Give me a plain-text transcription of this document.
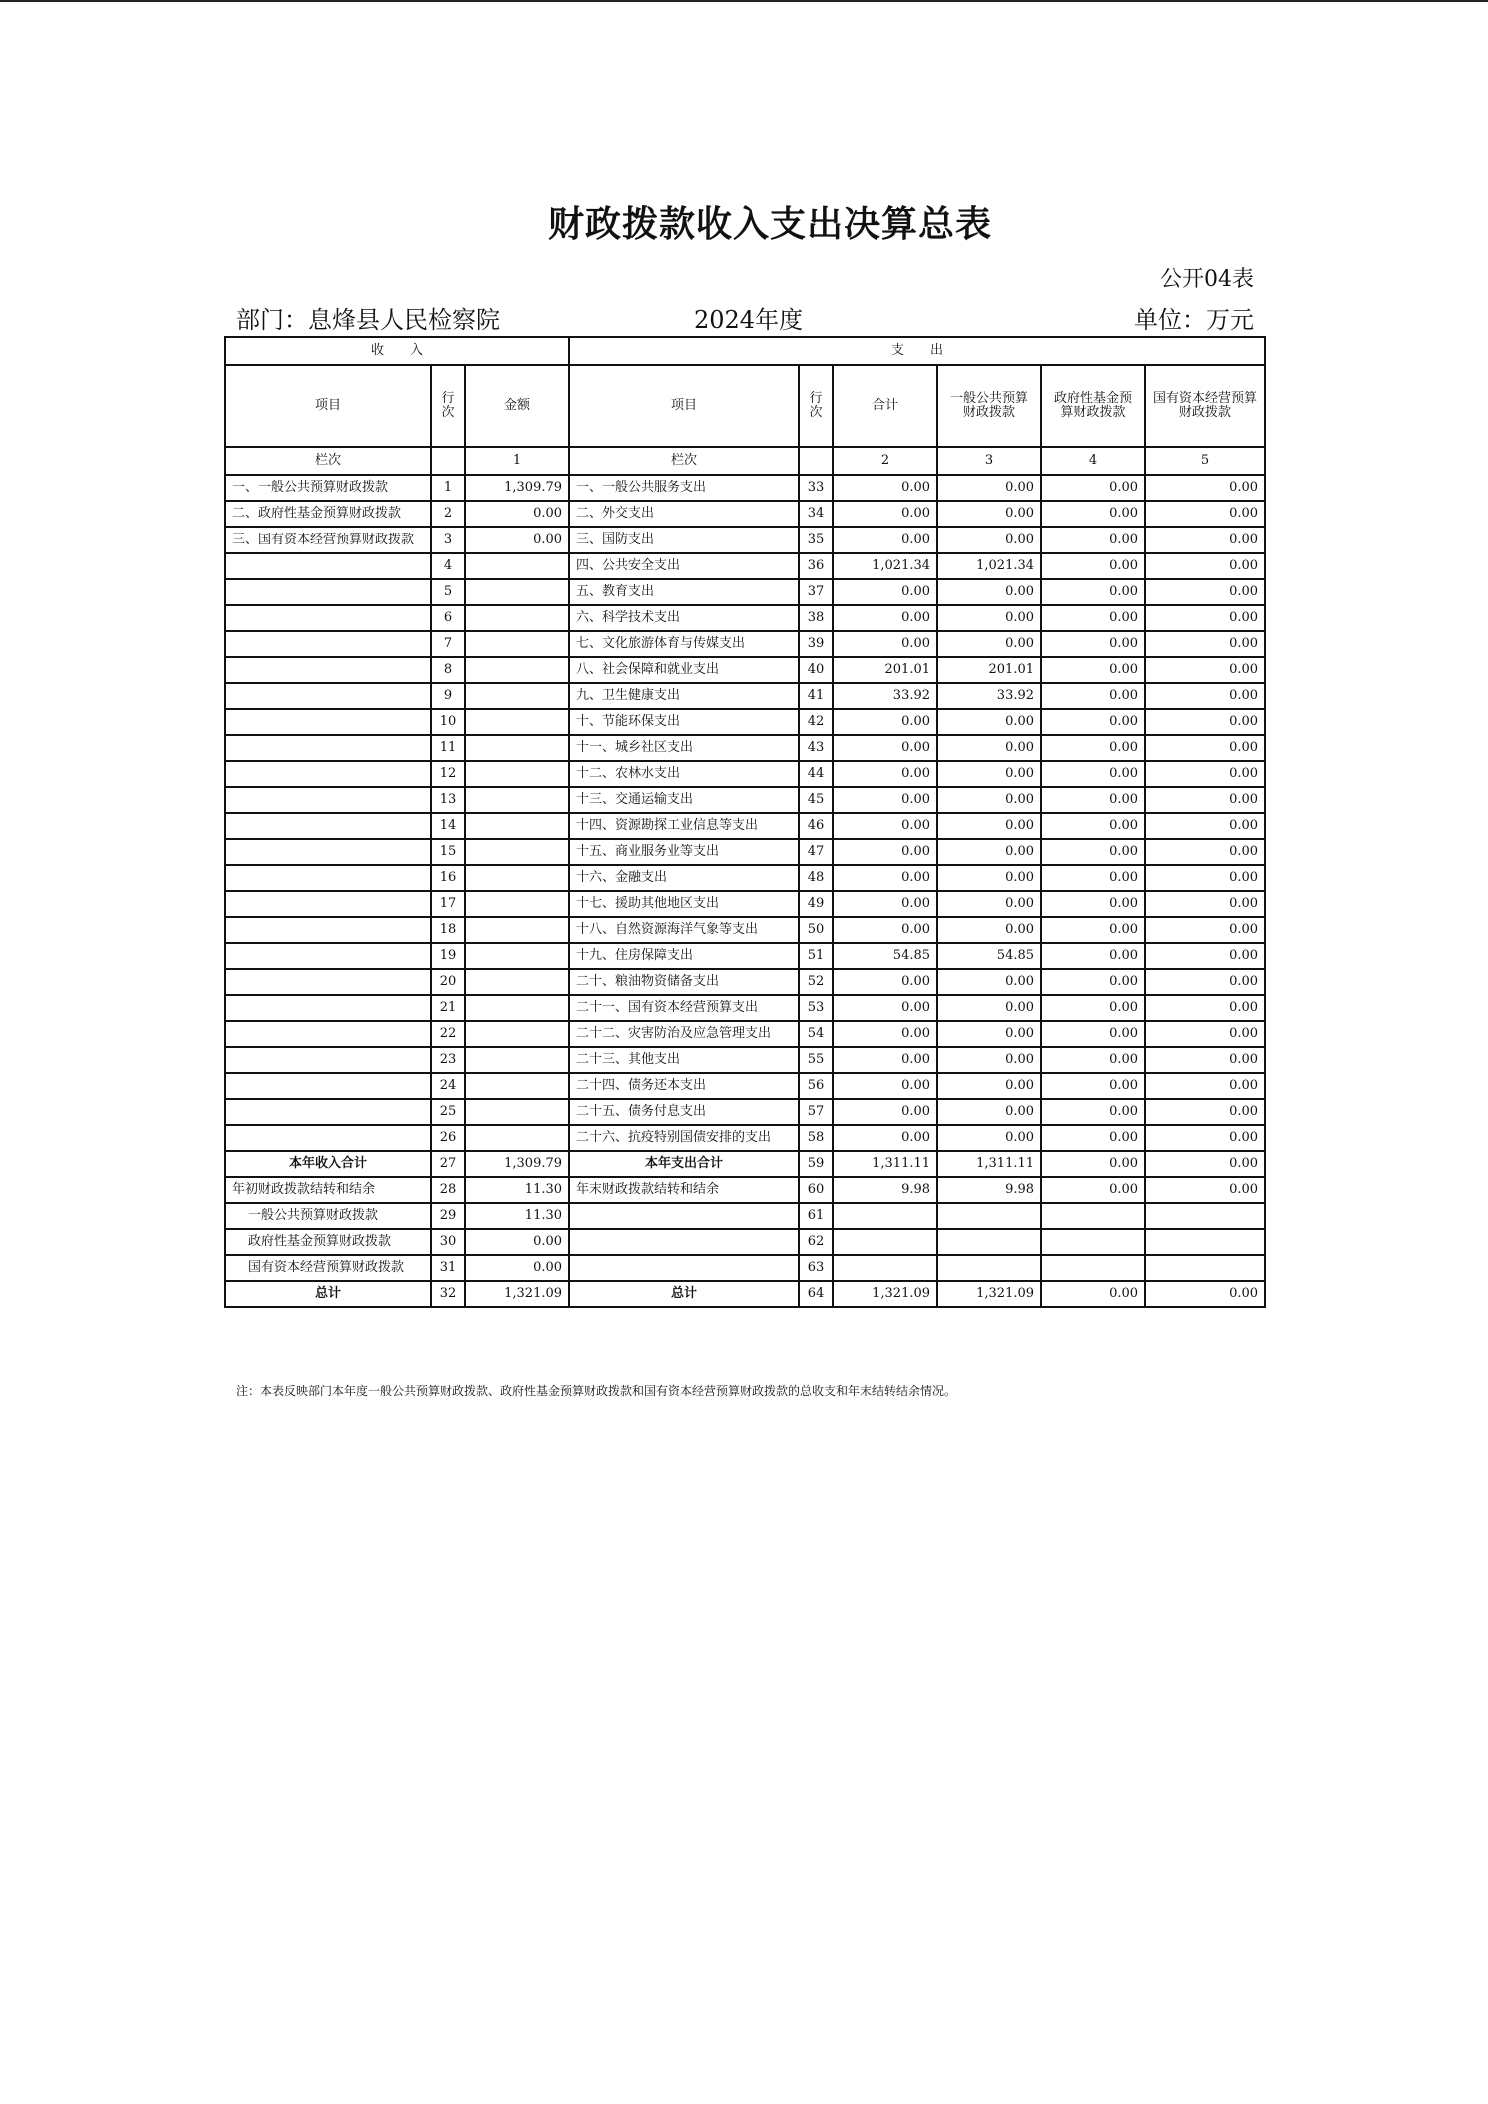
财政拨款收入支出决算总表
公开04表
部门：息烽县人民检察院	2024年度	单位：万元
收　　入			支　　出					
项目	行次	金额	项目	行次	合计	一般公共预算财政拨款	政府性基金预算财政拨款	国有资本经营预算财政拨款
栏次		1	栏次		2	3	4	5
一、一般公共预算财政拨款	1	1,309.79	一、一般公共服务支出	33	0.00	0.00	0.00	0.00
二、政府性基金预算财政拨款	2	0.00	二、外交支出	34	0.00	0.00	0.00	0.00

三、国有资本经营预算财政拨款	3	0.00	三、国防支出	35	0.00	0.00	0.00	0.00
	4		四、公共安全支出	36	1,021.34	1,021.34	0.00	0.00
	5		五、教育支出	37	0.00	0.00	0.00	0.00
	6		六、科学技术支出	38	0.00	0.00	0.00	0.00
	7		七、文化旅游体育与传媒支出	39	0.00	0.00	0.00	0.00
	8		八、社会保障和就业支出	40	201.01	201.01	0.00	0.00
	9		九、卫生健康支出	41	33.92	33.92	0.00	0.00
	10		十、节能环保支出	42	0.00	0.00	0.00	0.00
	11		十一、城乡社区支出	43	0.00	0.00	0.00	0.00
	12		十二、农林水支出	44	0.00	0.00	0.00	0.00
	13		十三、交通运输支出	45	0.00	0.00	0.00	0.00
	14		十四、资源勘探工业信息等支出	46	0.00	0.00	0.00	0.00
	15		十五、商业服务业等支出	47	0.00	0.00	0.00	0.00
	16		十六、金融支出	48	0.00	0.00	0.00	0.00
	17		十七、援助其他地区支出	49	0.00	0.00	0.00	0.00
	18		十八、自然资源海洋气象等支出	50	0.00	0.00	0.00	0.00
	19		十九、住房保障支出	51	54.85	54.85	0.00	0.00
	20		二十、粮油物资储备支出	52	0.00	0.00	0.00	0.00
	21		二十一、国有资本经营预算支出	53	0.00	0.00	0.00	0.00
	22		二十二、灾害防治及应急管理支出	54	0.00	0.00	0.00	0.00
	23		二十三、其他支出	55	0.00	0.00	0.00	0.00
	24		二十四、债务还本支出	56	0.00	0.00	0.00	0.00
	25		二十五、债务付息支出	57	0.00	0.00	0.00	0.00
	26		二十六、抗疫特别国债安排的支出	58	0.00	0.00	0.00	0.00
本年收入合计	27	1,309.79	本年支出合计	59	1,311.11	1,311.11	0.00	0.00
年初财政拨款结转和结余	28	11.30	年末财政拨款结转和结余	60	9.98	9.98	0.00	0.00
一般公共预算财政拨款	29	11.30		61				
政府性基金预算财政拨款	30	0.00		62				
国有资本经营预算财政拨款	31	0.00		63				
总计	32	1,321.09	总计	64	1,321.09	1,321.09	0.00	0.00
注：本表反映部门本年度一般公共预算财政拨款、政府性基金预算财政拨款和国有资本经营预算财政拨款的总收支和年末结转结余情况。
